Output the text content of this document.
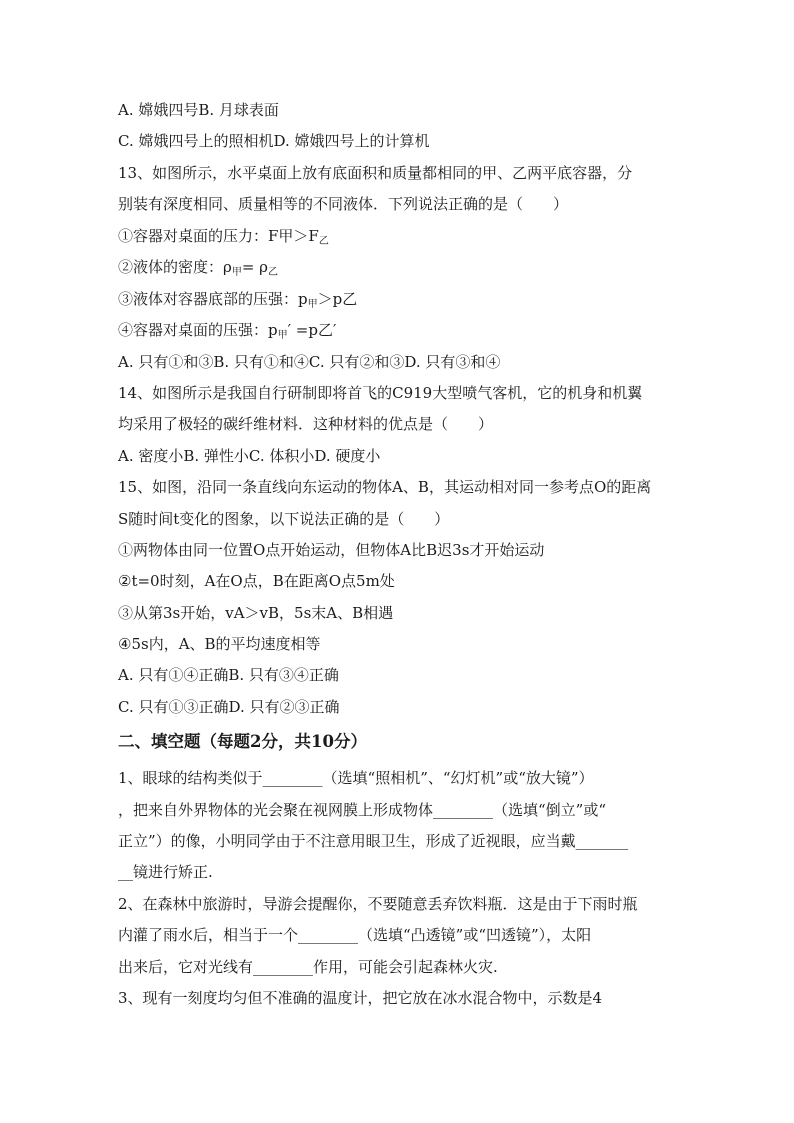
A. 嫦娥四号B. 月球表面
C. 嫦娥四号上的照相机D. 嫦娥四号上的计算机
13、如图所示，水平桌面上放有底面积和质量都相同的甲、乙两平底容器，分
别装有深度相同、质量相等的不同液体．下列说法正确的是（　　）
①容器对桌面的压力：F甲$>F_乙$
②液体的密度：$\rho_甲= \rho_乙$
③液体对容器底部的压强：$p_甲>p$乙
④容器对桌面的压强：$p_甲' =p$乙′
A. 只有①和③B. 只有①和④C. 只有②和③D. 只有③和④
14、如图所示是我国自行研制即将首飞的C919大型喷气客机，它的机身和机翼
均采用了极轻的碳纤维材料．这种材料的优点是（　　）
A. 密度小B. 弹性小C. 体积小D. 硬度小
15、如图，沿同一条直线向东运动的物体A、B，其运动相对同一参考点O的距离
S随时间t变化的图象，以下说法正确的是（　　）
①两物体由同一位置O点开始运动，但物体A比B迟3s才开始运动
②t=0时刻，A在O点，B在距离O点5m处
③从第3s开始，vA＞vB，5s末A、B相遇
④5s内，A、B的平均速度相等
A. 只有①④正确B. 只有③④正确
C. 只有①③正确D. 只有②③正确
二、填空题（每题2分，共10分）
1、眼球的结构类似于________（选填“照相机”、“幻灯机”或“放大镜”）
，把来自外界物体的光会聚在视网膜上形成物体________（选填“倒立”或“
正立”）的像，小明同学由于不注意用眼卫生，形成了近视眼，应当戴_______
__镜进行矫正.
2、在森林中旅游时，导游会提醒你，不要随意丢弃饮料瓶．这是由于下雨时瓶
内灌了雨水后，相当于一个________（选填“凸透镜”或“凹透镜”），太阳
出来后，它对光线有________作用，可能会引起森林火灾.
3、现有一刻度均匀但不准确的温度计，把它放在冰水混合物中，示数是4
